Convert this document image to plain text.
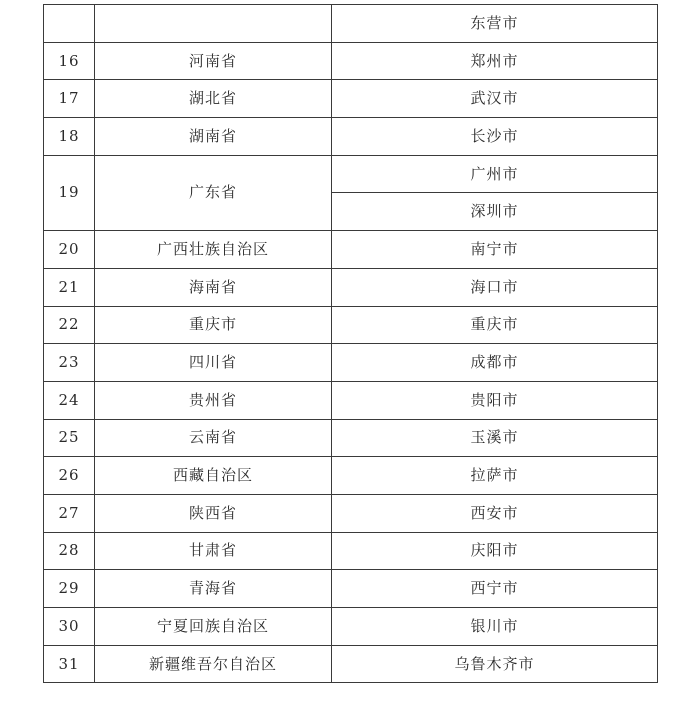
		东营市
16	河南省	郑州市
17	湖北省	武汉市
18	湖南省	长沙市
19	广东省	广州市
		深圳市
20	广西壮族自治区	南宁市
21	海南省	海口市
22	重庆市	重庆市
23	四川省	成都市
24	贵州省	贵阳市
25	云南省	玉溪市
26	西藏自治区	拉萨市
27	陕西省	西安市
28	甘肃省	庆阳市
29	青海省	西宁市
30	宁夏回族自治区	银川市
31	新疆维吾尔自治区	乌鲁木齐市
